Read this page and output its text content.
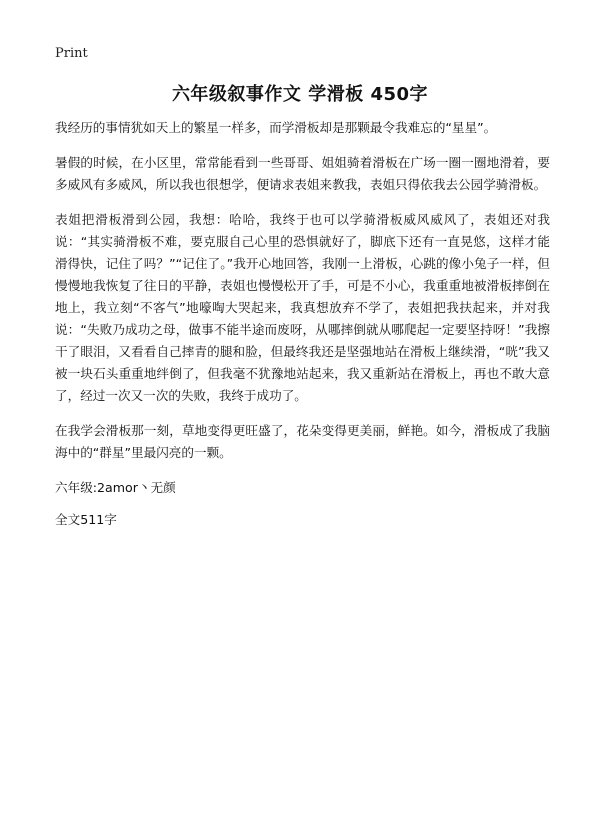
Print
六年级叙事作文 学滑板 450字

我经历的事情犹如天上的繁星一样多，而学滑板却是那颗最令我难忘的“星星”。

暑假的时候，在小区里，常常能看到一些哥哥、姐姐骑着滑板在广场一圈一圈地滑着，要多威风有多威风，所以我也很想学，便请求表姐来教我，表姐只得依我去公园学骑滑板。

表姐把滑板滑到公园，我想：哈哈，我终于也可以学骑滑板威风威风了，表姐还对我说：“其实骑滑板不难，要克服自己心里的恐惧就好了，脚底下还有一直晃悠，这样才能滑得快，记住了吗？”“记住了。”我开心地回答，我刚一上滑板，心跳的像小兔子一样，但慢慢地我恢复了往日的平静，表姐也慢慢松开了手，可是不小心，我重重地被滑板摔倒在地上，我立刻“不客气”地嚎啕大哭起来，我真想放弃不学了，表姐把我扶起来，并对我说：“失败乃成功之母，做事不能半途而废呀，从哪摔倒就从哪爬起一定要坚持呀！”我擦干了眼泪，又看看自己摔青的腿和脸，但最终我还是坚强地站在滑板上继续滑，“咣”我又被一块石头重重地绊倒了，但我毫不犹豫地站起来，我又重新站在滑板上，再也不敢大意了，经过一次又一次的失败，我终于成功了。

在我学会滑板那一刻，草地变得更旺盛了，花朵变得更美丽，鲜艳。如今，滑板成了我脑海中的“群星”里最闪亮的一颗。

六年级:2amor丶无颜
全文511字
